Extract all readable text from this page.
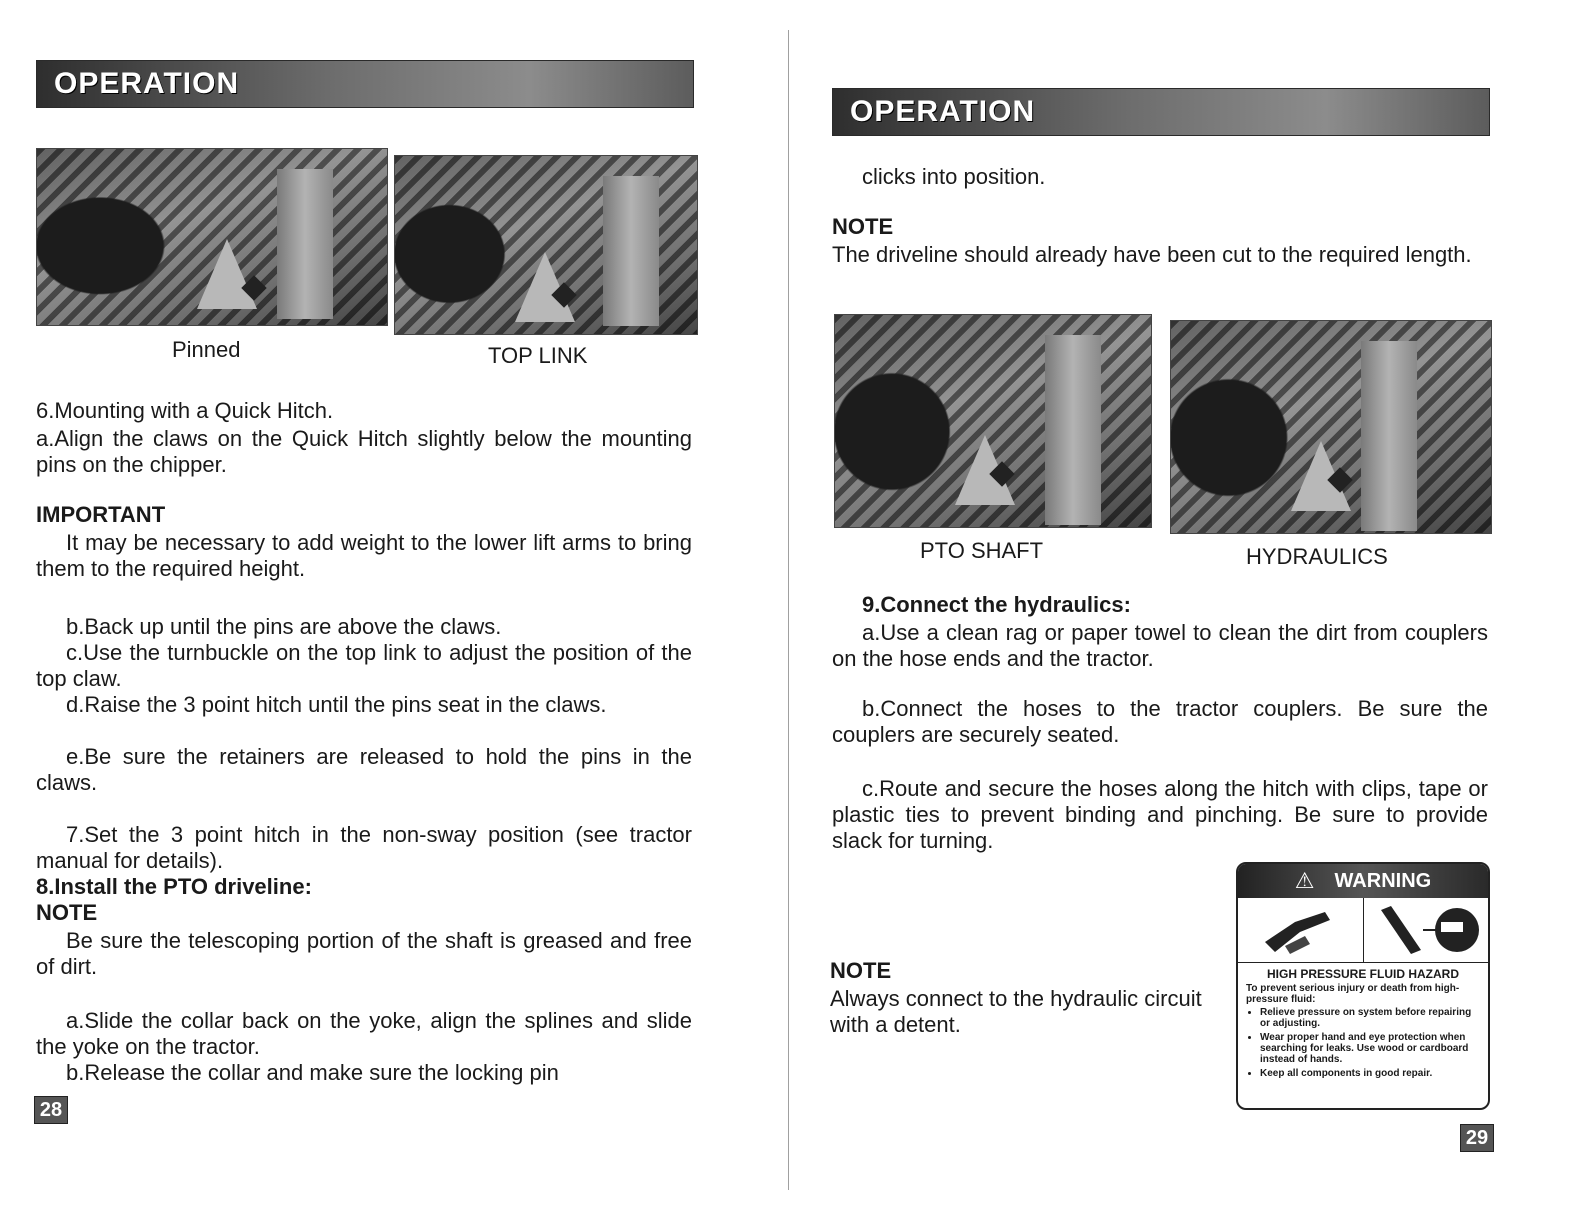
OPERATION
Pinned	TOP LINK
6.Mounting with a Quick Hitch.
a.Align the claws on the Quick Hitch slightly below the mounting pins on the chipper.
IMPORTANT
It may be necessary to add weight to the lower lift arms to bring them to the required height.
b.Back up until the pins are above the claws.
c.Use the turnbuckle on the top link to adjust the position of the top claw.
d.Raise the 3 point hitch until the pins seat in the claws.
e.Be sure the retainers are released to hold the pins in the claws.
7.Set the 3 point hitch in the non-sway position (see tractor manual for details).
8.Install the PTO driveline:
NOTE
Be sure the telescoping portion of the shaft is greased and free of dirt.
a.Slide the collar back on the yoke, align the splines and slide the yoke on the tractor.
b.Release the collar and make sure the locking pin
28
OPERATION
clicks into position.
NOTE
The driveline should already have been cut to the required length.
PTO SHAFT	HYDRAULICS
9.Connect the hydraulics:
a.Use a clean rag or paper towel to clean the dirt from couplers on the hose ends and the tractor.
b.Connect the hoses to the tractor couplers. Be sure the couplers are securely seated.
c.Route and secure the hoses along the hitch with clips, tape or plastic ties to prevent binding and pinching. Be sure to provide slack for turning.
NOTE
Always connect to the hydraulic circuit with a detent.
⚠ WARNING
HIGH PRESSURE FLUID HAZARD
To prevent serious injury or death from high-pressure fluid:
• Relieve pressure on system before repairing or adjusting.
• Wear proper hand and eye protection when searching for leaks. Use wood or cardboard instead of hands.
• Keep all components in good repair.
29
